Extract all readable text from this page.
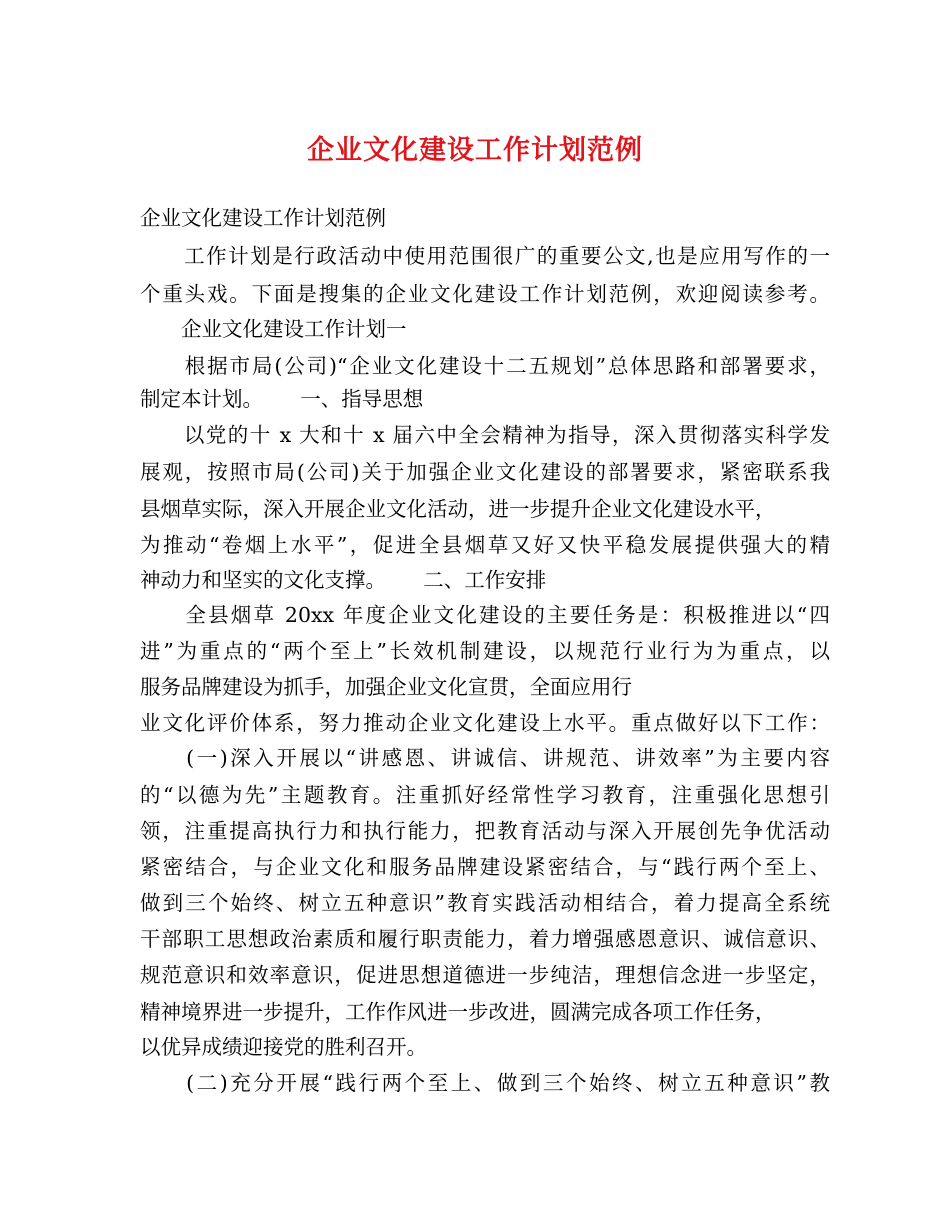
企业文化建设工作计划范例
企业文化建设工作计划范例
　　工作计划是行政活动中使用范围很广的重要公文,也是应用写作的一
个重头戏。下面是搜集的企业文化建设工作计划范例，欢迎阅读参考。
　　企业文化建设工作计划一
　　根据市局(公司)“企业文化建设十二五规划”总体思路和部署要求，
制定本计划。　　 一、指导思想
　　以党的十 x 大和十 x 届六中全会精神为指导，深入贯彻落实科学发
展观，按照市局(公司)关于加强企业文化建设的部署要求，紧密联系我
县烟草实际，深入开展企业文化活动，进一步提升企业文化建设水平，
为推动“卷烟上水平”，促进全县烟草又好又快平稳发展提供强大的精
神动力和坚实的文化支撑。　　 二、工作安排
　　全县烟草 20xx 年度企业文化建设的主要任务是：积极推进以“四
进”为重点的“两个至上”长效机制建设，以规范行业行为为重点，以
服务品牌建设为抓手，加强企业文化宣贯，全面应用行
业文化评价体系，努力推动企业文化建设上水平。重点做好以下工作：
　　(一)深入开展以“讲感恩、讲诚信、讲规范、讲效率”为主要内容
的“以德为先”主题教育。注重抓好经常性学习教育，注重强化思想引
领，注重提高执行力和执行能力，把教育活动与深入开展创先争优活动
紧密结合，与企业文化和服务品牌建设紧密结合，与“践行两个至上、
做到三个始终、树立五种意识”教育实践活动相结合，着力提高全系统
干部职工思想政治素质和履行职责能力，着力增强感恩意识、诚信意识、
规范意识和效率意识，促进思想道德进一步纯洁，理想信念进一步坚定，
精神境界进一步提升，工作作风进一步改进，圆满完成各项工作任务，
以优异成绩迎接党的胜利召开。
　　(二)充分开展“践行两个至上、做到三个始终、树立五种意识”教
